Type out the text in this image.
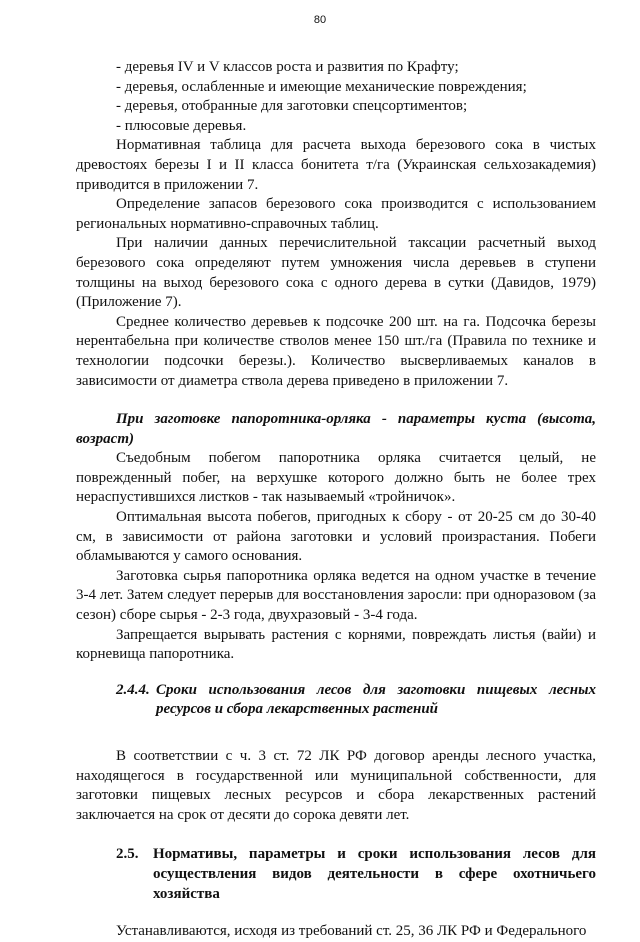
80

- деревья IV и V классов роста и развития по Крафту;

- деревья, ослабленные и имеющие механические повреждения;

- деревья, отобранные для заготовки спецсортиментов;

- плюсовые деревья.

Нормативная таблица для расчета выхода березового сока в чистых древостоях березы I и II класса бонитета т/га (Украинская сельхозакадемия) приводится в приложении 7.

Определение запасов березового сока производится с использованием региональных нормативно-справочных таблиц.

При наличии данных перечислительной таксации расчетный выход березового сока определяют путем умножения числа деревьев в ступени толщины на выход березового сока с одного дерева в сутки (Давидов, 1979) (Приложение 7).

Среднее количество деревьев к подсочке 200 шт. на га. Подсочка березы нерентабельна при количестве стволов менее 150 шт./га (Правила по технике и технологии подсочки березы.). Количество высверливаемых каналов в зависимости от диаметра ствола дерева приведено в приложении 7.

При заготовке папоротника-орляка - параметры куста (высота, возраст)

Съедобным побегом папоротника орляка считается целый, не поврежденный побег, на верхушке которого должно быть не более трех нераспустившихся листков - так называемый «тройничок».

Оптимальная высота побегов, пригодных к сбору - от 20-25 см до 30-40 см, в зависимости от района заготовки и условий произрастания. Побеги обламываются у самого основания.

Заготовка сырья папоротника орляка ведется на одном участке в течение 3-4 лет. Затем следует перерыв для восстановления заросли: при одноразовом (за сезон) сборе сырья - 2-3 года, двухразовый - 3-4 года.

Запрещается вырывать растения с корнями, повреждать листья (вайи) и корневища папоротника.

2.4.4. Сроки использования лесов для заготовки пищевых лесных ресурсов и сбора лекарственных растений

В соответствии с ч. 3 ст. 72 ЛК РФ договор аренды лесного участка, находящегося в государственной или муниципальной собственности, для заготовки пищевых лесных ресурсов и сбора лекарственных растений заключается на срок от десяти до сорока девяти лет.

2.5. Нормативы, параметры и сроки использования лесов для осуществления видов деятельности в сфере охотничьего хозяйства

Устанавливаются, исходя из требований ст. 25, 36 ЛК РФ и Федерального
